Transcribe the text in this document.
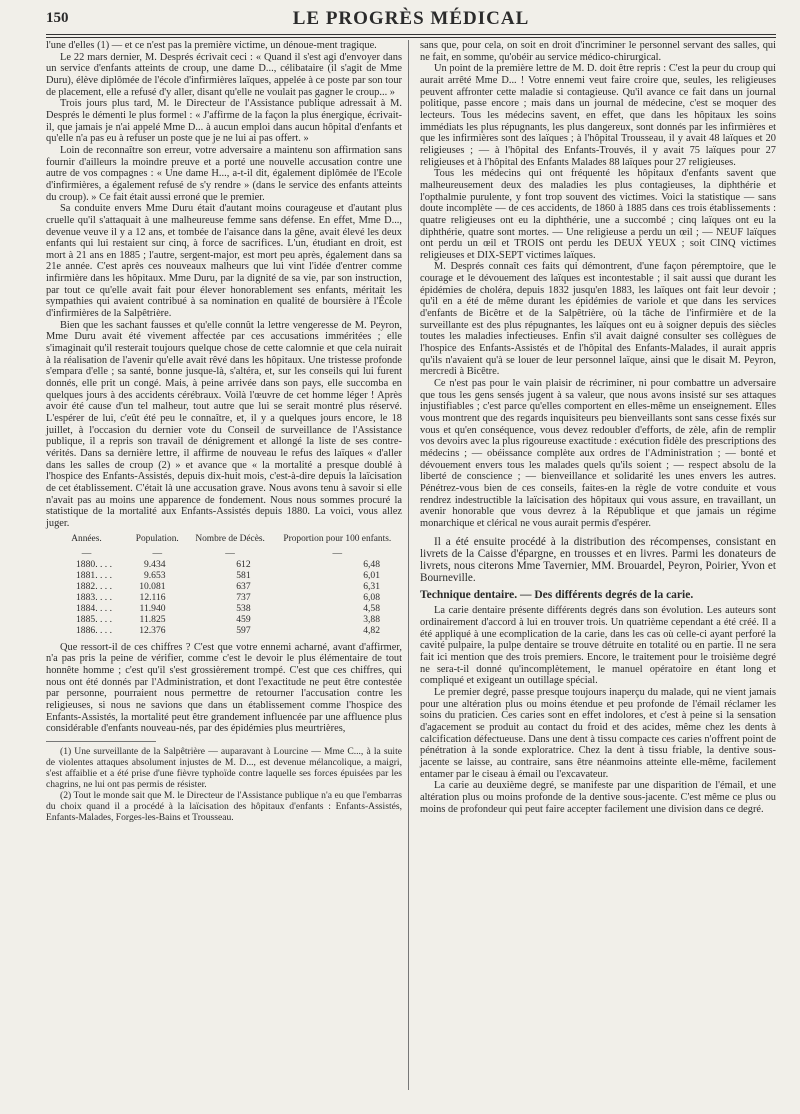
150	LE PROGRÈS MÉDICAL

l'une d'elles (1) — et ce n'est pas la première victime, un dénoue-ment tragique.

Le 22 mars dernier, M. Després écrivait ceci : « Quand il s'est agi d'envoyer dans un service d'enfants atteints de croup, une dame D..., célibataire (il s'agit de Mme Duru), élève diplômée de l'école d'infirmières laïques, appelée à ce poste par son tour de placement, elle a refusé d'y aller, disant qu'elle ne voulait pas gagner le croup... »

Trois jours plus tard, M. le Directeur de l'Assistance publique adressait à M. Després le démenti le plus formel : « J'affirme de la façon la plus énergique, écrivait-il, que jamais je n'ai appelé Mme D... à aucun emploi dans aucun hôpital d'enfants et qu'elle n'a pas eu à refuser un poste que je ne lui ai pas offert. »

Loin de reconnaître son erreur, votre adversaire a maintenu son affirmation sans fournir d'ailleurs la moindre preuve et a porté une nouvelle accusation contre une autre de vos compagnes : « Une dame H..., a-t-il dit, également diplômée de l'Ecole d'infirmières, a également refusé de s'y rendre » (dans le service des enfants atteints du croup). » Ce fait était aussi erroné que le premier.

Sa conduite envers Mme Duru était d'autant moins courageuse et d'autant plus cruelle qu'il s'attaquait à une malheureuse femme sans défense. En effet, Mme D..., devenue veuve il y a 12 ans, et tombée de l'aisance dans la gêne, avait élevé les deux enfants qui lui restaient sur cinq, à force de sacrifices. L'un, étudiant en droit, est mort à 21 ans en 1885 ; l'autre, sergent-major, est mort peu après, également dans sa 21e année. C'est après ces nouveaux malheurs que lui vint l'idée d'entrer comme infirmière dans les hôpitaux. Mme Duru, par la dignité de sa vie, par son instruction, par tout ce qu'elle avait fait pour élever honorablement ses enfants, méritait les sympathies qui avaient contribué à sa nomination en qualité de boursière à l'École d'infirmières de la Salpêtrière.

Bien que les sachant fausses et qu'elle connût la lettre vengeresse de M. Peyron, Mme Duru avait été vivement affectée par ces accusations imméritées ; elle s'imaginait qu'il resterait toujours quelque chose de cette calomnie et que cela nuirait à la réalisation de l'avenir qu'elle avait rêvé dans les hôpitaux. Une tristesse profonde s'empara d'elle ; sa santé, bonne jusque-là, s'altéra, et, sur les conseils qui lui furent donnés, elle prit un congé. Mais, à peine arrivée dans son pays, elle succomba en quelques jours à des accidents cérébraux. Voilà l'œuvre de cet homme léger ! Après avoir été cause d'un tel malheur, tout autre que lui se serait montré plus réservé. L'espérer de lui, c'eût été peu le connaître, et, il y a quelques jours encore, le 18 juillet, à l'occasion du dernier vote du Conseil de surveillance de l'Assistance publique, il a repris son travail de dénigrement et allongé la liste de ses contre-vérités. Dans sa dernière lettre, il affirme de nouveau le refus des laïques « d'aller dans les salles de croup (2) » et avance que « la mortalité a presque doublé à l'hospice des Enfants-Assistés, depuis dix-huit mois, c'est-à-dire depuis la laïcisation de cet établissement. C'était là une accusation grave. Nous avons tenu à savoir si elle n'avait pas au moins une apparence de fondement. Nous nous sommes procuré la statistique de la mortalité aux Enfants-Assistés depuis 1880. La voici, vous allez juger.

Années.	Population.	Nombre de Décès.	Proportion pour 100 enfants.
—	—	—	—
1880. . . .	9.434	612	6,48
1881. . . .	9.653	581	6,01
1882. . . .	10.081	637	6,31
1883. . . .	12.116	737	6,08
1884. . . .	11.940	538	4,58
1885. . . .	11.825	459	3,88
1886. . . .	12.376	597	4,82

Que ressort-il de ces chiffres ? C'est que votre ennemi acharné, avant d'affirmer, n'a pas pris la peine de vérifier, comme c'est le devoir le plus élémentaire de tout honnête homme ; c'est qu'il s'est grossièrement trompé. C'est que ces chiffres, qui nous ont été donnés par l'Administration, et dont l'exactitude ne peut être contestée par personne, pourraient nous permettre de retourner l'accusation contre les religieuses, si nous ne savions que dans un établissement comme l'hospice des Enfants-Assistés, la mortalité peut être grandement influencée par une affluence plus considérable d'enfants nouveau-nés, par des épidémies plus meurtrières,

(1) Une surveillante de la Salpêtrière — auparavant à Lourcine — Mme C..., à la suite de violentes attaques absolument injustes de M. D..., est devenue mélancolique, a maigri, s'est affaiblie et a été prise d'une fièvre typhoïde contre laquelle ses forces épuisées par les chagrins, ne lui ont pas permis de résister.

(2) Tout le monde sait que M. le Directeur de l'Assistance publique n'a eu que l'embarras du choix quand il a procédé à la laïcisation des hôpitaux d'enfants : Enfants-Assistés, Enfants-Malades, Forges-les-Bains et Trousseau.

sans que, pour cela, on soit en droit d'incriminer le personnel servant des salles, qui ne fait, en somme, qu'obéir au service médico-chirurgical.

Un point de la première lettre de M. D. doit être repris : C'est la peur du croup qui aurait arrêté Mme D... ! Votre ennemi veut faire croire que, seules, les religieuses peuvent affronter cette maladie si contagieuse. Qu'il avance ce fait dans un journal politique, passe encore ; mais dans un journal de médecine, c'est se moquer des lecteurs. Tous les médecins savent, en effet, que dans les hôpitaux les soins immédiats les plus répugnants, les plus dangereux, sont donnés par les infirmières et que les infirmières sont des laïques ; à l'hôpital Trousseau, il y avait 48 laïques et 20 religieuses ; — à l'hôpital des Enfants-Trouvés, il y avait 75 laïques pour 27 religieuses et à l'hôpital des Enfants Malades 88 laïques pour 27 religieuses.

Tous les médecins qui ont fréquenté les hôpitaux d'enfants savent que malheureusement deux des maladies les plus contagieuses, la diphthérie et l'opthalmie purulente, y font trop souvent des victimes. Voici la statistique — sans doute incomplète — de ces accidents, de 1860 à 1885 dans ces trois établissements : quatre religieuses ont eu la diphthérie, une a succombé ; cinq laïques ont eu la diphthérie, quatre sont mortes. — Une religieuse a perdu un œil ; — NEUF laïques ont perdu un œil et TROIS ont perdu les DEUX YEUX ; soit CINQ victimes religieuses et DIX-SEPT victimes laïques.

M. Després connaît ces faits qui démontrent, d'une façon péremptoire, que le courage et le dévouement des laïques est incontestable ; il sait aussi que durant les épidémies de choléra, depuis 1832 jusqu'en 1883, les laïques ont fait leur devoir ; qu'il en a été de même durant les épidémies de variole et que dans les services d'enfants de Bicêtre et de la Salpêtrière, où la tâche de l'infirmière et de la surveillante est des plus répugnantes, les laïques ont eu à soigner depuis des siècles toutes les maladies infectieuses. Enfin s'il avait daigné consulter ses collègues de l'hospice des Enfants-Assistés et de l'hôpital des Enfants-Malades, il aurait appris qu'ils n'avaient qu'à se louer de leur personnel laïque, ainsi que le disait M. Peyron, mercredi à Bicêtre.

Ce n'est pas pour le vain plaisir de récriminer, ni pour combattre un adversaire que tous les gens sensés jugent à sa valeur, que nous avons insisté sur ses attaques injustifiables ; c'est parce qu'elles comportent en elles-même un enseignement. Elles vous montrent que des regards inquisiteurs peu bienveillants sont sans cesse fixés sur vous et qu'en conséquence, vous devez redoubler d'efforts, de zèle, afin de remplir vos devoirs avec la plus rigoureuse exactitude : exécution fidèle des prescriptions des médecins ; — obéissance complète aux ordres de l'Administration ; — bonté et dévouement envers tous les malades quels qu'ils soient ; — respect absolu de la liberté de conscience ; — bienveillance et solidarité les unes envers les autres. Pénétrez-vous bien de ces conseils, faites-en la règle de votre conduite et vous rendrez indestructible la laïcisation des hôpitaux qui vous assure, en travaillant, un avenir honorable que vous devrez à la République et que jamais un régime monarchique et clérical ne vous aurait permis d'espérer.

Il a été ensuite procédé à la distribution des récompenses, consistant en livrets de la Caisse d'épargne, en trousses et en livres. Parmi les donateurs de livrets, nous citerons Mme Tavernier, MM. Brouardel, Peyron, Poirier, Yvon et Bourneville.

Technique dentaire. — Des différents degrés de la carie.

La carie dentaire présente différents degrés dans son évolution. Les auteurs sont ordinairement d'accord à lui en trouver trois. Un quatrième cependant a été créé. Il a été appliqué à une ecomplication de la carie, dans les cas où celle-ci ayant perforé la cavité pulpaire, la pulpe dentaire se trouve détruite en totalité ou en partie. Il ne sera fait ici mention que des trois premiers. Encore, le traitement pour le troisième degré ne sera-t-il donné qu'incomplètement, le manuel opératoire en étant long et compliqué et exigeant un outillage spécial.

Le premier degré, passe presque toujours inaperçu du malade, qui ne vient jamais pour une altération plus ou moins étendue et peu profonde de l'émail réclamer les soins du praticien. Ces caries sont en effet indolores, et c'est à peine si la sensation d'agacement se produit au contact du froid et des acides, même chez les dents à calcification défectueuse. Dans une dent à tissu compacte ces caries n'offrent point de pénétration à la sonde exploratrice. Chez la dent à tissu friable, la dentive sous-jacente se laisse, au contraire, sans être néanmoins atteinte elle-même, facilement entamer par le ciseau à émail ou l'excavateur.

La carie au deuxième degré, se manifeste par une disparition de l'émail, et une altération plus ou moins profonde de la dentive sous-jacente. C'est même ce plus ou moins de profondeur qui peut faire accepter facilement une division dans ce degré.
